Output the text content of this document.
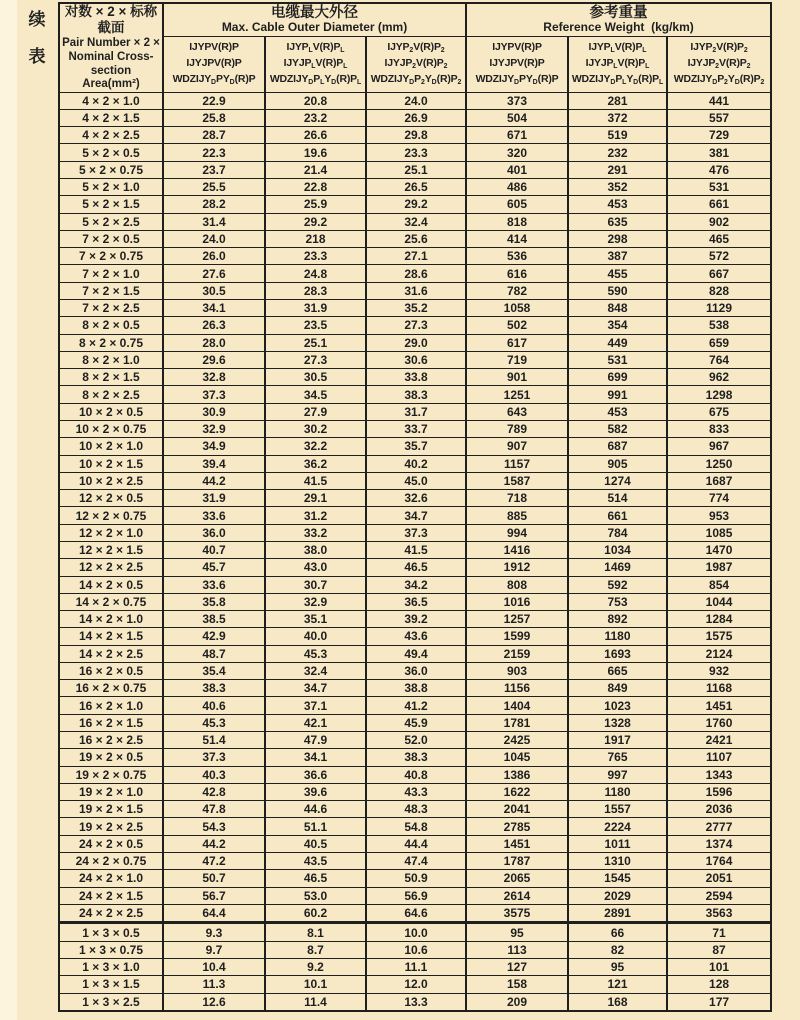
续
表
对数 × 2 × 标称
截面
Pair Number × 2 ×
Nominal Cross-
section Area(mm²)

电缆最大外径
Max. Cable Outer Diameter (mm)

参考重量
Reference Weight  (kg/km)

	IJYPV(R)P
IJYJPV(R)P
$WDZIJY_DPY_D(R)P$	$IJYP_LV(R)P_L$
$IJYJP_LV(R)P_L$
$WDZIJY_DP_LY_D(R)P_L$	$IJYP_2V(R)P_2$
$IJYJP_2V(R)P_2$
$WDZIJY_DP_2Y_D(R)P_2$	IJYPV(R)P
IJYJPV(R)P
$WDZIJY_DPY_D(R)P$	$IJYP_LV(R)P_L$
$IJYJP_LV(R)P_L$
$WDZIJY_DP_LY_D(R)P_L$	$IJYP_2V(R)P_2$
$IJYJP_2V(R)P_2$
$WDZIJY_DP_2Y_D(R)P_2$
4 × 2 × 1.0	22.9	20.8	24.0	373	281	441
4 × 2 × 1.5	25.8	23.2	26.9	504	372	557
4 × 2 × 2.5	28.7	26.6	29.8	671	519	729
5 × 2 × 0.5	22.3	19.6	23.3	320	232	381
5 × 2 × 0.75	23.7	21.4	25.1	401	291	476
5 × 2 × 1.0	25.5	22.8	26.5	486	352	531
5 × 2 × 1.5	28.2	25.9	29.2	605	453	661
5 × 2 × 2.5	31.4	29.2	32.4	818	635	902
7 × 2 × 0.5	24.0	218	25.6	414	298	465
7 × 2 × 0.75	26.0	23.3	27.1	536	387	572
7 × 2 × 1.0	27.6	24.8	28.6	616	455	667
7 × 2 × 1.5	30.5	28.3	31.6	782	590	828
7 × 2 × 2.5	34.1	31.9	35.2	1058	848	1129
8 × 2 × 0.5	26.3	23.5	27.3	502	354	538
8 × 2 × 0.75	28.0	25.1	29.0	617	449	659
8 × 2 × 1.0	29.6	27.3	30.6	719	531	764
8 × 2 × 1.5	32.8	30.5	33.8	901	699	962
8 × 2 × 2.5	37.3	34.5	38.3	1251	991	1298
10 × 2 × 0.5	30.9	27.9	31.7	643	453	675
10 × 2 × 0.75	32.9	30.2	33.7	789	582	833
10 × 2 × 1.0	34.9	32.2	35.7	907	687	967
10 × 2 × 1.5	39.4	36.2	40.2	1157	905	1250
10 × 2 × 2.5	44.2	41.5	45.0	1587	1274	1687
12 × 2 × 0.5	31.9	29.1	32.6	718	514	774
12 × 2 × 0.75	33.6	31.2	34.7	885	661	953
12 × 2 × 1.0	36.0	33.2	37.3	994	784	1085
12 × 2 × 1.5	40.7	38.0	41.5	1416	1034	1470
12 × 2 × 2.5	45.7	43.0	46.5	1912	1469	1987
14 × 2 × 0.5	33.6	30.7	34.2	808	592	854
14 × 2 × 0.75	35.8	32.9	36.5	1016	753	1044
14 × 2 × 1.0	38.5	35.1	39.2	1257	892	1284
14 × 2 × 1.5	42.9	40.0	43.6	1599	1180	1575
14 × 2 × 2.5	48.7	45.3	49.4	2159	1693	2124
16 × 2 × 0.5	35.4	32.4	36.0	903	665	932
16 × 2 × 0.75	38.3	34.7	38.8	1156	849	1168
16 × 2 × 1.0	40.6	37.1	41.2	1404	1023	1451
16 × 2 × 1.5	45.3	42.1	45.9	1781	1328	1760
16 × 2 × 2.5	51.4	47.9	52.0	2425	1917	2421
19 × 2 × 0.5	37.3	34.1	38.3	1045	765	1107
19 × 2 × 0.75	40.3	36.6	40.8	1386	997	1343
19 × 2 × 1.0	42.8	39.6	43.3	1622	1180	1596
19 × 2 × 1.5	47.8	44.6	48.3	2041	1557	2036
19 × 2 × 2.5	54.3	51.1	54.8	2785	2224	2777
24 × 2 × 0.5	44.2	40.5	44.4	1451	1011	1374
24 × 2 × 0.75	47.2	43.5	47.4	1787	1310	1764
24 × 2 × 1.0	50.7	46.5	50.9	2065	1545	2051
24 × 2 × 1.5	56.7	53.0	56.9	2614	2029	2594
24 × 2 × 2.5	64.4	60.2	64.6	3575	2891	3563
1 × 3 × 0.5	9.3	8.1	10.0	95	66	71
1 × 3 × 0.75	9.7	8.7	10.6	113	82	87
1 × 3 × 1.0	10.4	9.2	11.1	127	95	101
1 × 3 × 1.5	11.3	10.1	12.0	158	121	128
1 × 3 × 2.5	12.6	11.4	13.3	209	168	177
